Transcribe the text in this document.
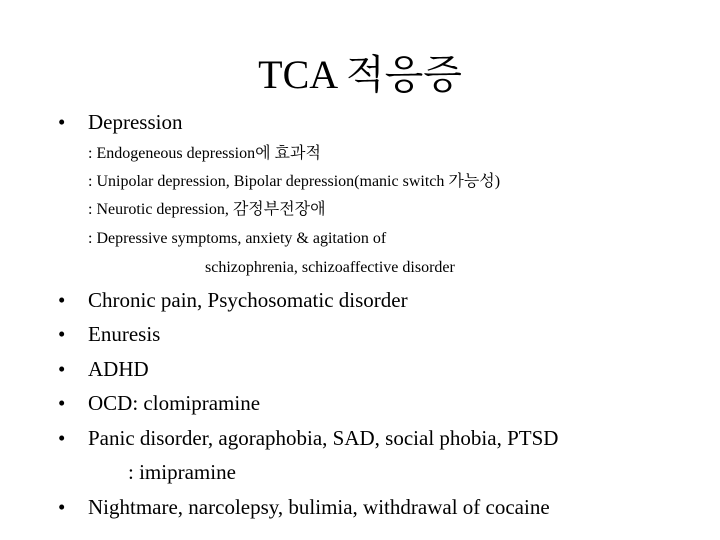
TCA 적응증
• Depression
: Endogeneous depression에 효과적
: Unipolar depression, Bipolar depression(manic switch 가능성)
: Neurotic depression, 감정부전장애
: Depressive symptoms, anxiety & agitation of
schizophrenia, schizoaffective disorder
• Chronic pain, Psychosomatic disorder
• Enuresis
• ADHD
• OCD: clomipramine
• Panic disorder, agoraphobia, SAD, social phobia, PTSD
: imipramine
• Nightmare, narcolepsy, bulimia, withdrawal of cocaine
